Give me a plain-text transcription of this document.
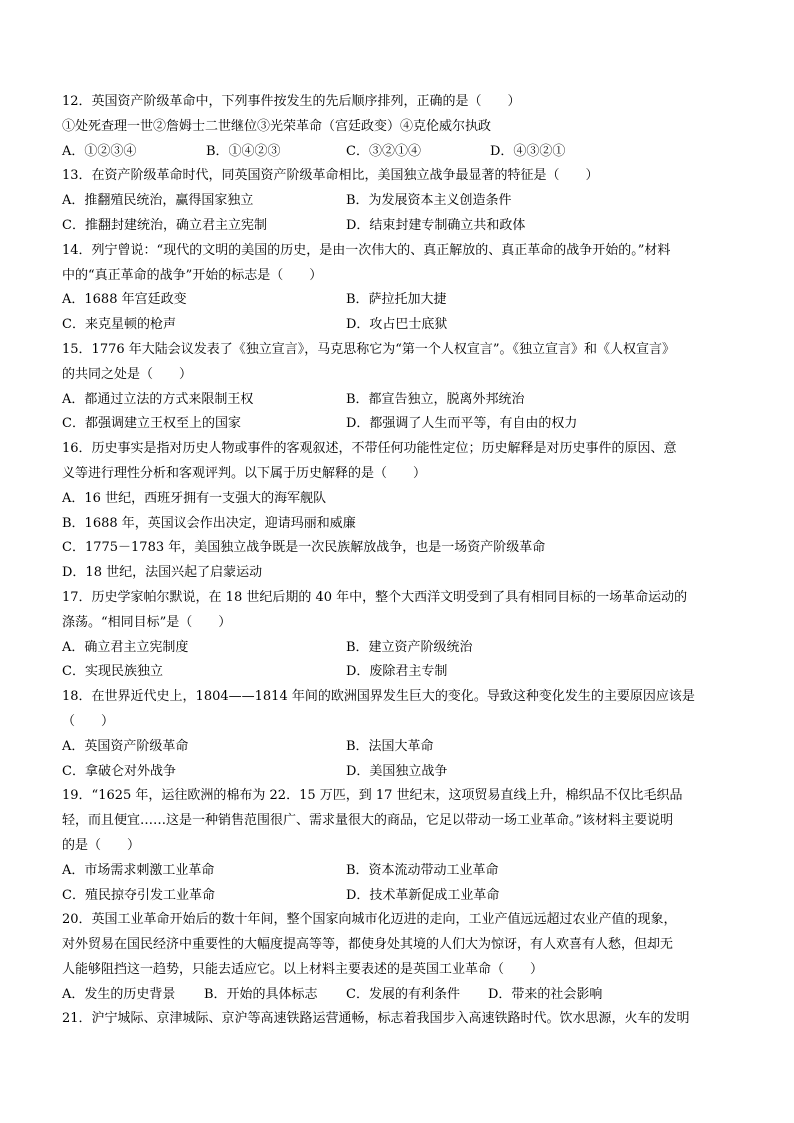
12．英国资产阶级革命中，下列事件按发生的先后顺序排列，正确的是（　　）
①处死查理一世②詹姆士二世继位③光荣革命（宫廷政变）④克伦威尔执政
A．①②③④	B．①④②③	C．③②①④	D．④③②①
13．在资产阶级革命时代，同英国资产阶级革命相比，美国独立战争最显著的特征是（　　）
A．推翻殖民统治，赢得国家独立	B．为发展资本主义创造条件
C．推翻封建统治，确立君主立宪制	D．结束封建专制确立共和政体
14．列宁曾说：“现代的文明的美国的历史，是由一次伟大的、真正解放的、真正革命的战争开始的。”材料
中的“真正革命的战争”开始的标志是（　　）
A．1688 年宫廷政变	B．萨拉托加大捷
C．来克星顿的枪声	D．攻占巴士底狱
15．1776 年大陆会议发表了《独立宣言》，马克思称它为“第一个人权宣言”。《独立宣言》和《人权宣言》
的共同之处是（　　）
A．都通过立法的方式来限制王权	B．都宣告独立，脱离外邦统治
C．都强调建立王权至上的国家	D．都强调了人生而平等，有自由的权力
16．历史事实是指对历史人物或事件的客观叙述，不带任何功能性定位；历史解释是对历史事件的原因、意
义等进行理性分析和客观评判。以下属于历史解释的是（　　）
A．16 世纪，西班牙拥有一支强大的海军舰队
B．1688 年，英国议会作出决定，迎请玛丽和威廉
C．1775－1783 年，美国独立战争既是一次民族解放战争，也是一场资产阶级革命
D．18 世纪，法国兴起了启蒙运动
17．历史学家帕尔默说，在 18 世纪后期的 40 年中，整个大西洋文明受到了具有相同目标的一场革命运动的
涤荡。“相同目标”是（　　）
A．确立君主立宪制度	B．建立资产阶级统治
C．实现民族独立	D．废除君主专制
18．在世界近代史上，1804——1814 年间的欧洲国界发生巨大的变化。导致这种变化发生的主要原因应该是
（　　）
A．英国资产阶级革命	B．法国大革命
C．拿破仑对外战争	D．美国独立战争
19．“1625 年，运往欧洲的棉布为 22．15 万匹，到 17 世纪末，这项贸易直线上升，棉织品不仅比毛织品
轻，而且便宜……这是一种销售范围很广、需求量很大的商品，它足以带动一场工业革命。”该材料主要说明
的是（　　）
A．市场需求刺激工业革命	B．资本流动带动工业革命
C．殖民掠夺引发工业革命	D．技术革新促成工业革命
20．英国工业革命开始后的数十年间，整个国家向城市化迈进的走向，工业产值远远超过农业产值的现象，
对外贸易在国民经济中重要性的大幅度提高等等，都使身处其境的人们大为惊讶，有人欢喜有人愁，但却无
人能够阻挡这一趋势，只能去适应它。以上材料主要表述的是英国工业革命（　　）
A．发生的历史背景	B．开始的具体标志	C．发展的有利条件	D．带来的社会影响
21．沪宁城际、京津城际、京沪等高速铁路运营通畅，标志着我国步入高速铁路时代。饮水思源，火车的发明
